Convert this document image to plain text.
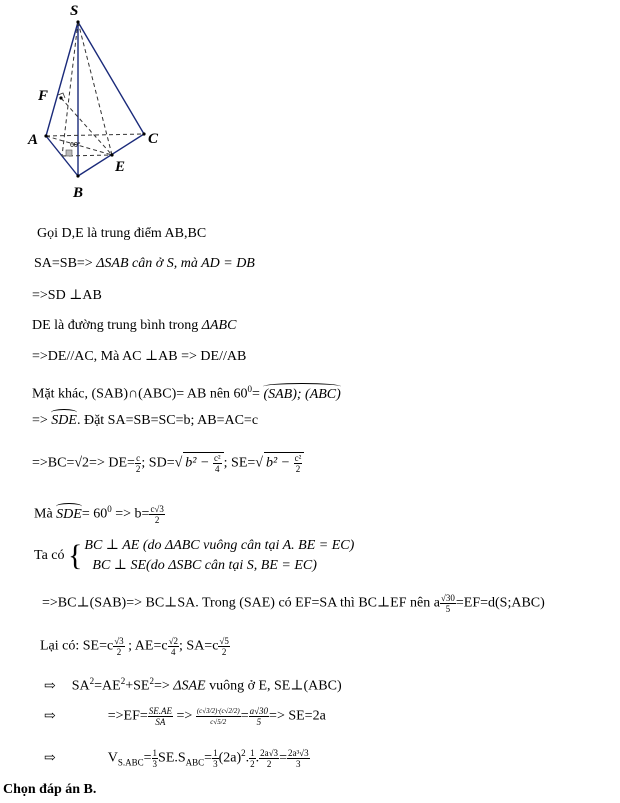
S
F
A	C
E
B
60°
Gọi D,E là trung điểm AB,BC
SA=SB=> ΔSAB cân ở S, mà AD = DB
=>SD ⊥AB
DE là đường trung bình trong ΔABC
=>DE//AC, Mà AC ⊥AB => DE//AB
Mặt khác, (SAB)∩(ABC)= AB nên $60^0= (SAB)$; (ABC)
=> SDE. Đặt SA=SB=SC=b; AB=AC=c
$=>BC=√2=> DE= \frac{c}{2}$ ; SD=√ $b^2 - \frac{\text{c²}}{4}$ ; SE=√ $b^2 - \frac{\text{c²}}{2}$
Mà $SDE= 60^0 => b= \frac{c√3}{2}$
Ta có { BC ⊥ AE (do ΔABC vuông cân tại A. BE = EC)
BC ⊥ SE(do ΔSBC cân tại S, BE = EC)
=>BC⊥(SAB)=> BC⊥SA. Trong (SAE) có EF=SA thì BC⊥EF nên a $\frac{√30}{5}$ =EF=d(S;ABC)
Lại có: $SE=c \frac{√3}{2}$ ; $AE=c \frac{√2}{4}$ ; $SA=c \frac{√5}{2}$
⇨ $SA^2=AE^2+SE^2=> \Delta SAE$ vuông ở E, SE⊥(ABC)
⇨	$=>EF= \frac{SE.AE}{SA} => \frac{(c√3/2)\cdot(c√2/2)}{c√5/2} = \frac{a√30}{5} => SE=2a$
⇨	$V_{S.ABC}= \frac{1}{3} SE.S_{ABC}= \frac{1}{3} (2a)^2$. $\frac{1}{2}$ . $\frac{2a√3}{2} = \frac{\text{2a³√3}}{3}$
Chọn đáp án B.
